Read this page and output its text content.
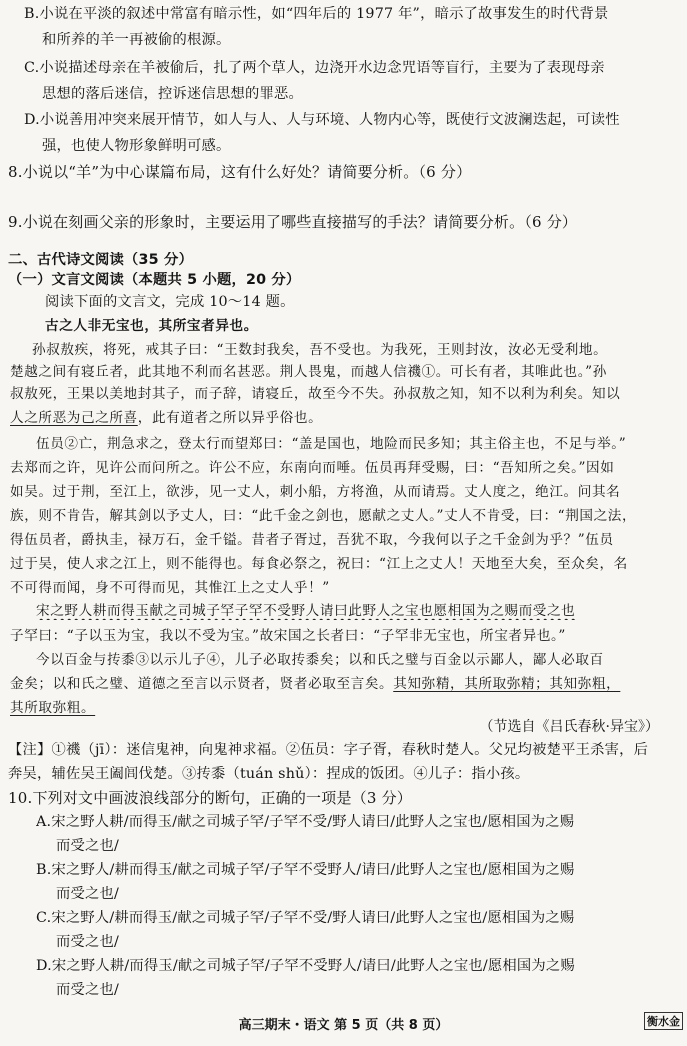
B.小说在平淡的叙述中常富有暗示性，如“四年后的 1977 年”，暗示了故事发生的时代背景
和所养的羊一再被偷的根源。
C.小说描述母亲在羊被偷后，扎了两个草人，边浇开水边念咒语等盲行，主要为了表现母亲
思想的落后迷信，控诉迷信思想的罪恶。
D.小说善用冲突来展开情节，如人与人、人与环境、人物内心等，既使行文波澜迭起，可读性
强，也使人物形象鲜明可感。
8.小说以“羊”为中心谋篇布局，这有什么好处？请简要分析。（6 分）
9.小说在刻画父亲的形象时，主要运用了哪些直接描写的手法？请简要分析。（6 分）
二、古代诗文阅读（35 分）
（一）文言文阅读（本题共 5 小题，20 分）
阅读下面的文言文，完成 10～14 题。
古之人非无宝也，其所宝者异也。
孙叔敖疾，将死，戒其子曰：“王数封我矣，吾不受也。为我死，王则封汝，汝必无受利地。
楚越之间有寝丘者，此其地不利而名甚恶。荆人畏鬼，而越人信禨①。可长有者，其唯此也。”孙
叔敖死，王果以美地封其子，而子辞，请寝丘，故至今不失。孙叔敖之知，知不以利为利矣。知以
人之所恶为己之所喜，此有道者之所以异乎俗也。
伍员②亡，荆急求之，登太行而望郑曰：“盖是国也，地险而民多知；其主俗主也，不足与举。”
去郑而之许，见许公而问所之。许公不应，东南向而唾。伍员再拜受赐，曰：“吾知所之矣。”因如
如吴。过于荆，至江上，欲涉，见一丈人，刺小船，方将渔，从而请焉。丈人度之，绝江。问其名
族，则不肯告，解其剑以予丈人，曰：“此千金之剑也，愿献之丈人。”丈人不肯受，曰：“荆国之法，
得伍员者，爵执圭，禄万石，金千镒。昔者子胥过，吾犹不取，今我何以子之千金剑为乎？”伍员
过于吴，使人求之江上，则不能得也。每食必祭之，祝曰：“江上之丈人！天地至大矣，至众矣，名
不可得而闻，身不可得而见，其惟江上之丈人乎！”
宋之野人耕而得玉献之司城子罕子罕不受野人请曰此野人之宝也愿相国为之赐而受之也
子罕曰：“子以玉为宝，我以不受为宝。”故宋国之长者曰：“子罕非无宝也，所宝者异也。”
今以百金与抟黍③以示儿子④，儿子必取抟黍矣；以和氏之璧与百金以示鄙人，鄙人必取百
金矣；以和氏之璧、道德之至言以示贤者，贤者必取至言矣。其知弥精，其所取弥精；其知弥粗，
其所取弥粗。
（节选自《吕氏春秋·异宝》）
【注】①禨（jī）：迷信鬼神，向鬼神求福。②伍员：字子胥，春秋时楚人。父兄均被楚平王杀害，后
奔吴，辅佐吴王阖闾伐楚。③抟黍（tuán shǔ）：捏成的饭团。④儿子：指小孩。
10.下列对文中画波浪线部分的断句，正确的一项是（3 分）
A.宋之野人耕/而得玉/献之司城子罕/子罕不受/野人请曰/此野人之宝也/愿相国为之赐
而受之也/
B.宋之野人/耕而得玉/献之司城子罕/子罕不受野人/请曰/此野人之宝也/愿相国为之赐
而受之也/
C.宋之野人/耕而得玉/献之司城子罕/子罕不受/野人请曰/此野人之宝也/愿相国为之赐
而受之也/
D.宋之野人耕/而得玉/献之司城子罕/子罕不受野人/请曰/此野人之宝也/愿相国为之赐
而受之也/
高三期末・语文 第 5 页（共 8 页）	衡水金
